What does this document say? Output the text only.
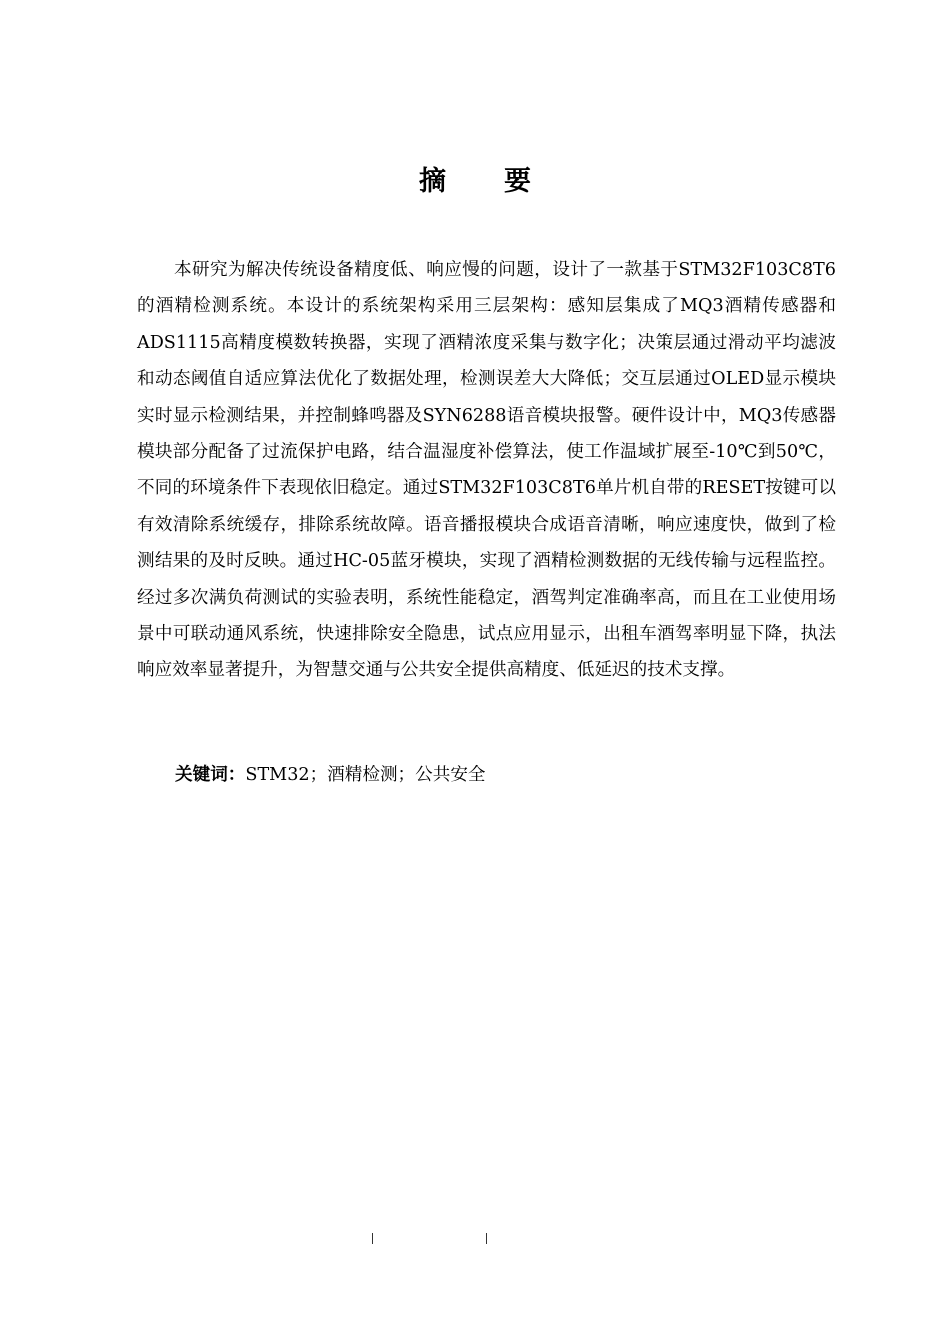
摘要

本研究为解决传统设备精度低、响应慢的问题，设计了一款基于STM32F103C8T6的酒精检测系统。本设计的系统架构采用三层架构：感知层集成了MQ3酒精传感器和ADS1115高精度模数转换器，实现了酒精浓度采集与数字化；决策层通过滑动平均滤波和动态阈值自适应算法优化了数据处理，检测误差大大降低；交互层通过OLED显示模块实时显示检测结果，并控制蜂鸣器及SYN6288语音模块报警。硬件设计中，MQ3传感器模块部分配备了过流保护电路，结合温湿度补偿算法，使工作温域扩展至-10℃到50℃，不同的环境条件下表现依旧稳定。通过STM32F103C8T6单片机自带的RESET按键可以有效清除系统缓存，排除系统故障。语音播报模块合成语音清晰，响应速度快，做到了检测结果的及时反映。通过HC-05蓝牙模块，实现了酒精检测数据的无线传输与远程监控。经过多次满负荷测试的实验表明，系统性能稳定，酒驾判定准确率高，而且在工业使用场景中可联动通风系统，快速排除安全隐患，试点应用显示，出租车酒驾率明显下降，执法响应效率显著提升，为智慧交通与公共安全提供高精度、低延迟的技术支撑。

关键词：STM32；酒精检测；公共安全
